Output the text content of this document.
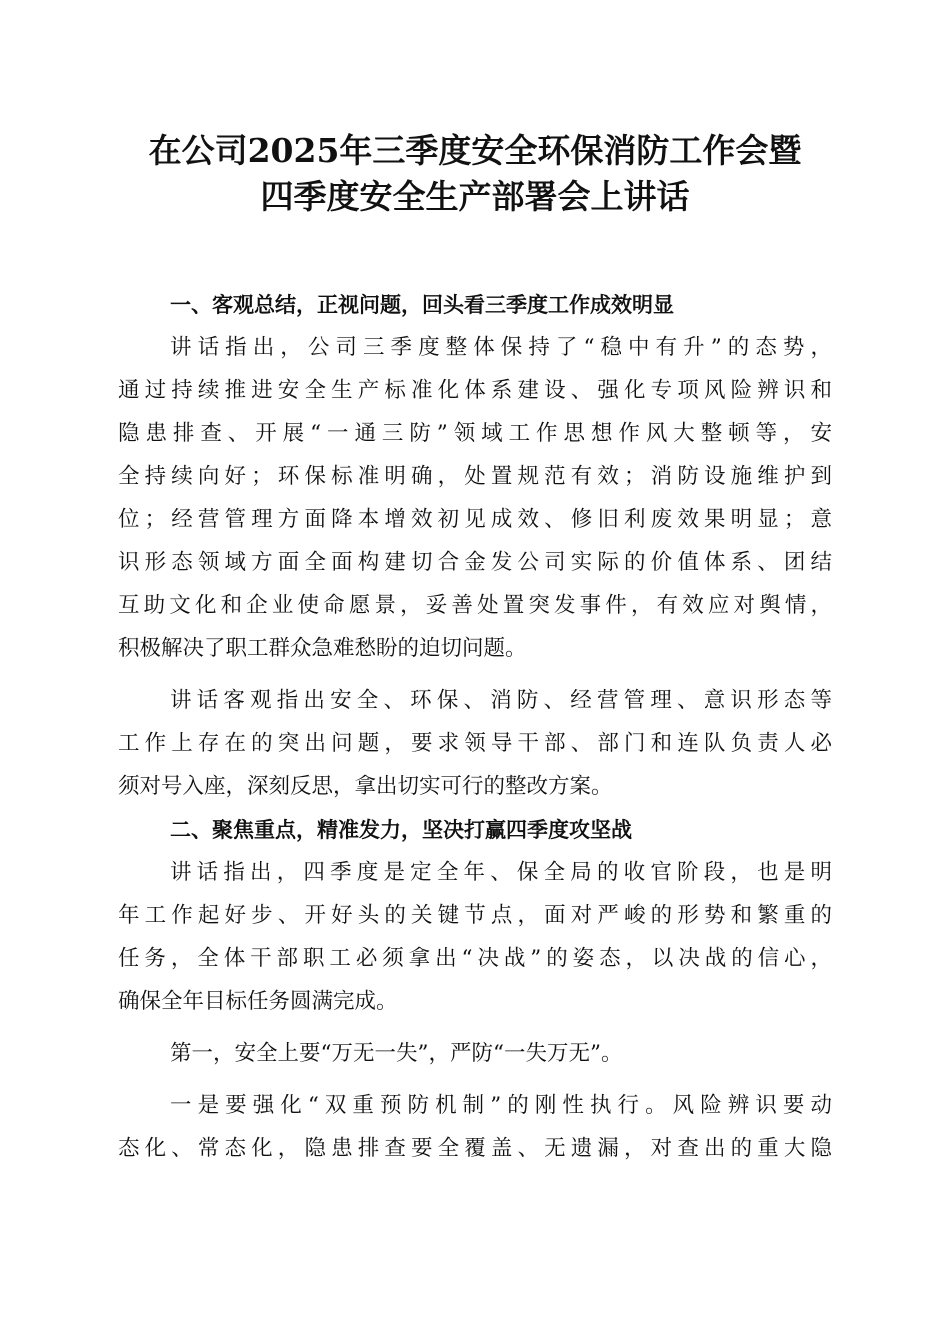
在公司2025年三季度安全环保消防工作会暨
四季度安全生产部署会上讲话
一、客观总结，正视问题，回头看三季度工作成效明显
讲话指出，公司三季度整体保持了“稳中有升”的态势，
通过持续推进安全生产标准化体系建设、强化专项风险辨识和
隐患排查、开展“一通三防”领域工作思想作风大整顿等，安
全持续向好；环保标准明确，处置规范有效；消防设施维护到
位；经营管理方面降本增效初见成效、修旧利废效果明显；意
识形态领域方面全面构建切合金发公司实际的价值体系、团结
互助文化和企业使命愿景，妥善处置突发事件，有效应对舆情，
积极解决了职工群众急难愁盼的迫切问题。
讲话客观指出安全、环保、消防、经营管理、意识形态等
工作上存在的突出问题，要求领导干部、部门和连队负责人必
须对号入座，深刻反思，拿出切实可行的整改方案。
二、聚焦重点，精准发力，坚决打赢四季度攻坚战
讲话指出，四季度是定全年、保全局的收官阶段，也是明
年工作起好步、开好头的关键节点，面对严峻的形势和繁重的
任务，全体干部职工必须拿出“决战”的姿态，以决战的信心，
确保全年目标任务圆满完成。
第一，安全上要“万无一失”，严防“一失万无”。
一是要强化“双重预防机制”的刚性执行。风险辨识要动
态化、常态化，隐患排查要全覆盖、无遗漏，对查出的重大隐
